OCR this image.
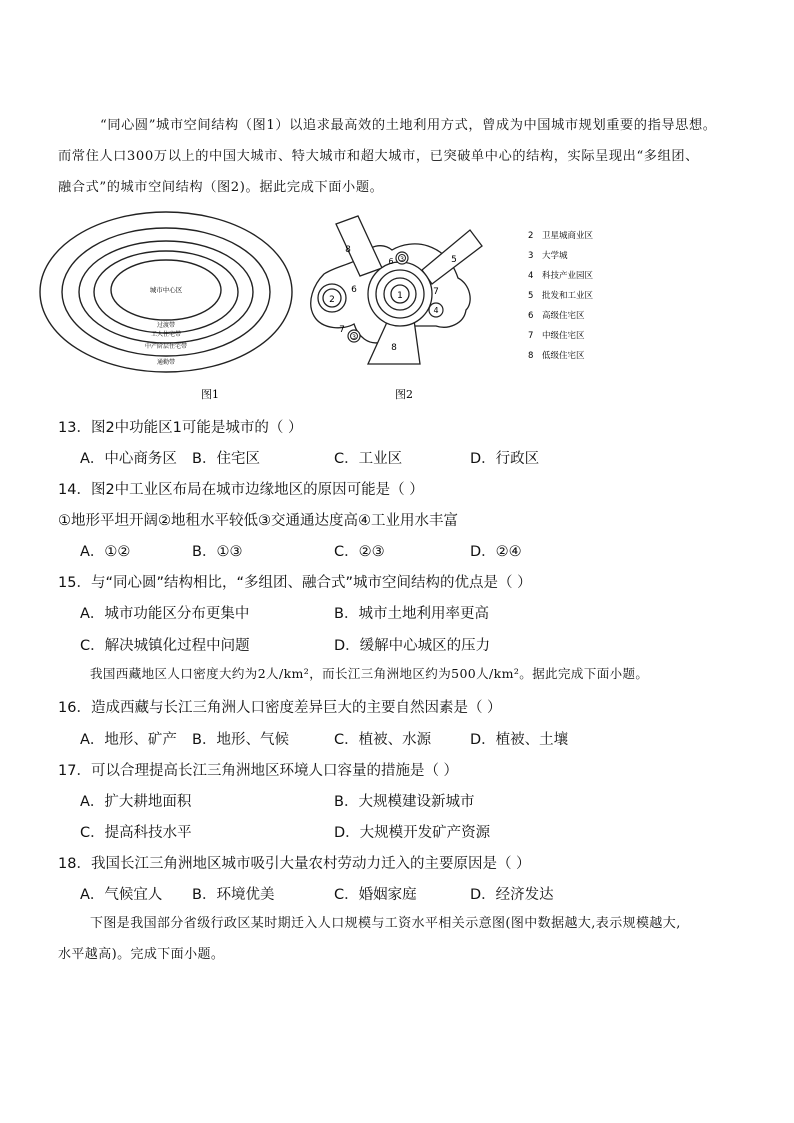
“同心圆”城市空间结构（图1）以追求最高效的土地利用方式，曾成为中国城市规划重要的指导思想。

而常住人口300万以上的中国大城市、特大城市和超大城市，已突破单中心的结构，实际呈现出“多组团、

融合式”的城市空间结构（图2)。据此完成下面小题。

城市中心区
过渡带
工人住宅带
中产阶层住宅带
通勤带
图1
1
2
3
3
4
5
6
6	7
7
8
8
图2
2 卫星城商业区
3 大学城
4 科技产业园区
5 批发和工业区
6 高级住宅区
7 中级住宅区
8 低级住宅区
13．图2中功能区1可能是城市的（ ）
A．中心商务区 B．住宅区	C．工业区	D．行政区
14．图2中工业区布局在城市边缘地区的原因可能是（ ）
①地形平坦开阔②地租水平较低③交通通达度高④工业用水丰富
A．①②	B．①③	C．②③	D．②④
15．与“同心圆”结构相比，“多组团、融合式”城市空间结构的优点是（ ）
A．城市功能区分布更集中	B．城市土地利用率更高
C．解决城镇化过程中问题	D．缓解中心城区的压力

我国西藏地区人口密度大约为2人/km²，而长江三角洲地区约为500人/km²。据此完成下面小题。

16．造成西藏与长江三角洲人口密度差异巨大的主要自然因素是（ ）
A．地形、矿产 B．地形、气候	C．植被、水源	D．植被、土壤
17．可以合理提高长江三角洲地区环境人口容量的措施是（ ）
A．扩大耕地面积	B．大规模建设新城市
C．提高科技水平	D．大规模开发矿产资源
18．我国长江三角洲地区城市吸引大量农村劳动力迁入的主要原因是（ ）
A．气候宜人 B．环境优美	C．婚姻家庭	D．经济发达

下图是我国部分省级行政区某时期迁入人口规模与工资水平相关示意图(图中数据越大,表示规模越大,

水平越高)。完成下面小题。
